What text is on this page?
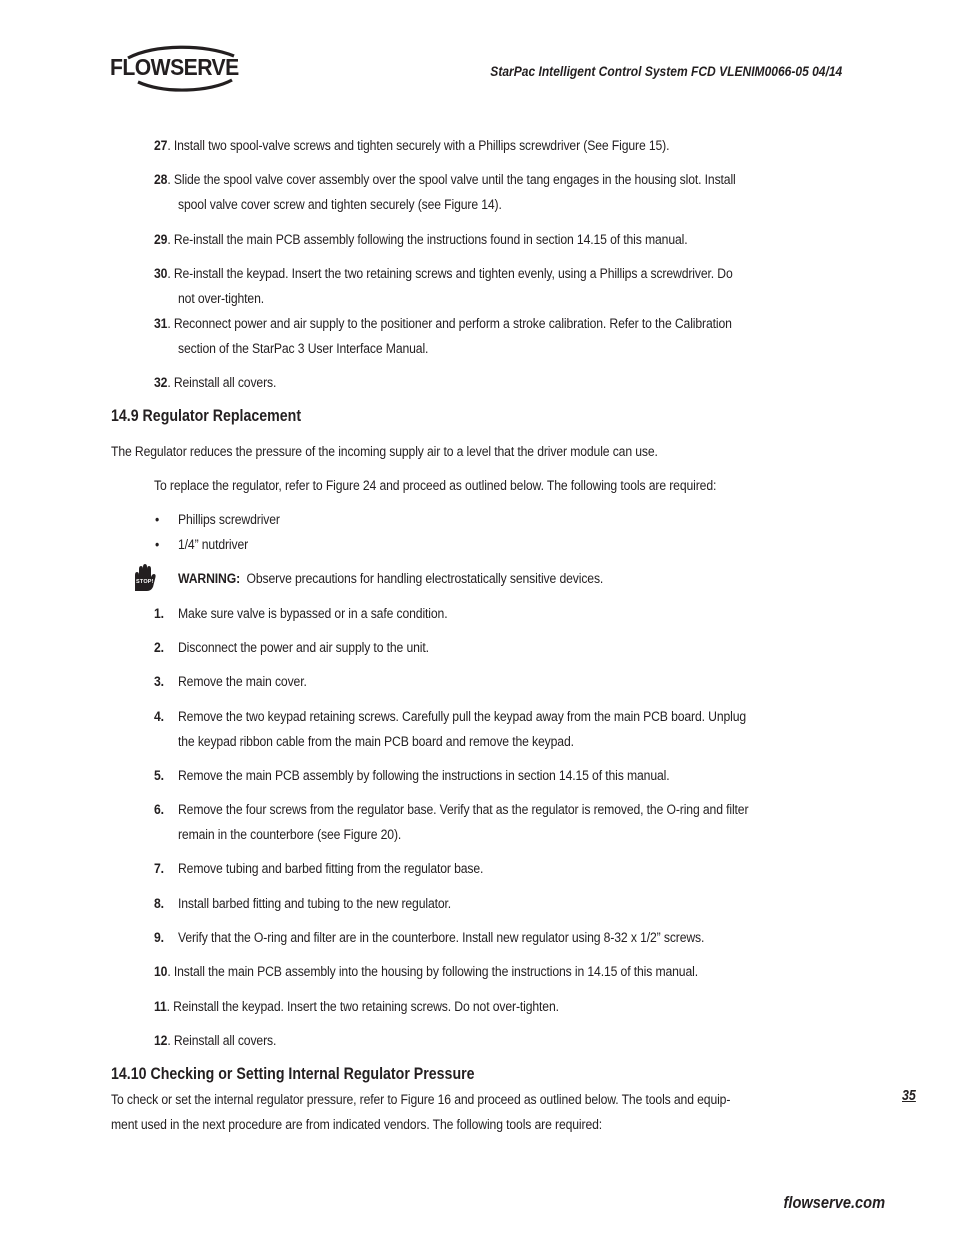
FLOWSERVE	StarPac Intelligent Control System FCD VLENIM0066-05 04/14
27. Install two spool-valve screws and tighten securely with a Phillips screwdriver (See Figure 15).
28. Slide the spool valve cover assembly over the spool valve until the tang engages in the housing slot. Install
spool valve cover screw and tighten securely (see Figure 14).
29. Re-install the main PCB assembly following the instructions found in section 14.15 of this manual.
30. Re-install the keypad. Insert the two retaining screws and tighten evenly, using a Phillips a screwdriver. Do
not over-tighten.
31. Reconnect power and air supply to the positioner and perform a stroke calibration. Refer to the Calibration
section of the StarPac 3 User Interface Manual.
32. Reinstall all covers.
14.9 Regulator Replacement
The Regulator reduces the pressure of the incoming supply air to a level that the driver module can use.
To replace the regulator, refer to Figure 24 and proceed as outlined below. The following tools are required:
• Phillips screwdriver
• 1/4” nutdriver
STOP! WARNING: Observe precautions for handling electrostatically sensitive devices.
1. Make sure valve is bypassed or in a safe condition.
2. Disconnect the power and air supply to the unit.
3. Remove the main cover.
4. Remove the two keypad retaining screws. Carefully pull the keypad away from the main PCB board. Unplug
the keypad ribbon cable from the main PCB board and remove the keypad.
5. Remove the main PCB assembly by following the instructions in section 14.15 of this manual.
6. Remove the four screws from the regulator base. Verify that as the regulator is removed, the O-ring and filter
remain in the counterbore (see Figure 20).
7. Remove tubing and barbed fitting from the regulator base.
8. Install barbed fitting and tubing to the new regulator.
9. Verify that the O-ring and filter are in the counterbore. Install new regulator using 8-32 x 1/2” screws.
10. Install the main PCB assembly into the housing by following the instructions in 14.15 of this manual.
11. Reinstall the keypad. Insert the two retaining screws. Do not over-tighten.
12. Reinstall all covers.
14.10 Checking or Setting Internal Regulator Pressure
To check or set the internal regulator pressure, refer to Figure 16 and proceed as outlined below. The tools and equip-
ment used in the next procedure are from indicated vendors. The following tools are required:
35
flowserve.com
